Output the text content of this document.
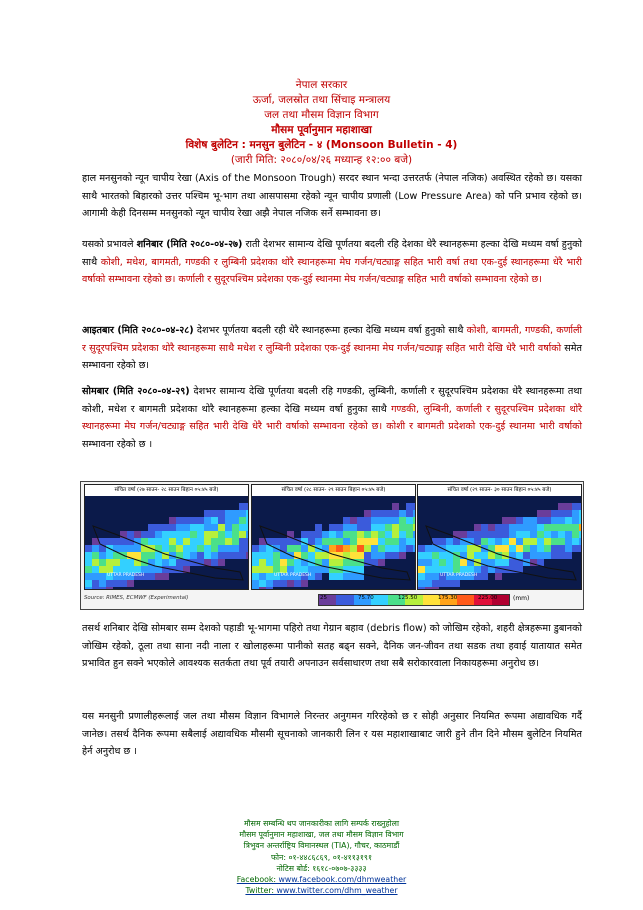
नेपाल सरकार
ऊर्जा, जलस्रोत तथा सिंचाइ मन्त्रालय
जल तथा मौसम विज्ञान विभाग
मौसम पूर्वानुमान महाशाखा
विशेष बुलेटिन : मनसुन बुलेटिन - ४ (Monsoon Bulletin - 4)
(जारी मिति: २०८०/०४/२६ मध्यान्ह १२:०० बजे)
हाल मनसुनको न्यून चापीय रेखा (Axis of the Monsoon Trough) सरदर स्थान भन्दा उत्तरतर्फ (नेपाल नजिक) अवस्थित रहेको छ। यसका साथै भारतको बिहारको उत्तर पश्चिम भू-भाग तथा आसपासमा रहेको न्यून चापीय प्रणाली (Low Pressure Area) को पनि प्रभाव रहेको छ। आगामी केही दिनसम्म मनसुनको न्यून चापीय रेखा अझै नेपाल नजिक सर्ने सम्भावना छ।
यसको प्रभावले शनिबार (मिति २०८०-०४-२७) राती देशभर सामान्य देखि पूर्णतया बदली रहि देशका धेरै स्थानहरूमा हल्का देखि मध्यम वर्षा हुनुको साथै कोशी, मधेश, बागमती, गण्डकी र लुम्बिनी प्रदेशका थोरै स्थानहरूमा मेघ गर्जन/चट्याङ्ग सहित भारी वर्षा तथा एक-दुई स्थानहरूमा धेरै भारी वर्षाको सम्भावना रहेको छ। कर्णाली र सुदूरपश्चिम प्रदेशका एक-दुई स्थानमा मेघ गर्जन/चट्याङ्ग सहित भारी वर्षाको सम्भावना रहेको छ।
आइतबार (मिति २०८०-०४-२८) देशभर पूर्णतया बदली रही धेरै स्थानहरूमा हल्का देखि मध्यम वर्षा हुनुको साथै कोशी, बागमती, गण्डकी, कर्णाली र सुदूरपश्चिम प्रदेशका थोरै स्थानहरूमा साथै मधेश र लुम्बिनी प्रदेशका एक-दुई स्थानमा मेघ गर्जन/चट्याङ्ग सहित भारी देखि धेरै भारी वर्षाको समेत सम्भावना रहेको छ।
सोमबार (मिति २०८०-०४-२९) देशभर सामान्य देखि पूर्णतया बदली रहि गण्डकी, लुम्बिनी, कर्णाली र सुदूरपश्चिम प्रदेशका धेरै स्थानहरूमा तथा कोशी, मधेश र बागमती प्रदेशका थोरै स्थानहरूमा हल्का देखि मध्यम वर्षा हुनुका साथै गण्डकी, लुम्बिनी, कर्णाली र सुदूरपश्चिम प्रदेशका थोरै स्थानहरूमा मेघ गर्जन/चट्याङ्ग सहित भारी देखि धेरै भारी वर्षाको सम्भावना रहेको छ। कोशी र बागमती प्रदेशको एक-दुई स्थानमा भारी वर्षाको सम्भावना रहेको छ ।
संचित वर्षा (२७ साउन- २८ साउन बिहान ०५:४५ बजे)
UTTAR PRADESH
संचित वर्षा (२८ साउन- २९ साउन बिहान ०५:४५ बजे)
UTTAR PRADESH
संचित वर्षा (२९ साउन- ३० साउन बिहान ०५:४५ बजे)
UTTAR PRADESH
Source: RIMES, ECMWF (Experimental)	25	75.70	125.50	175.30	225.00	(mm)
तसर्थ शनिबार देखि सोमबार सम्म देशको पहाडी भू-भागमा पहिरो तथा गेग्रान बहाव (debris flow) को जोखिम रहेको, शहरी क्षेत्रहरूमा डुबानको जोखिम रहेको, ठूला तथा साना नदी नाला र खोलाहरूमा पानीको सतह बढ्न सक्ने, दैनिक जन-जीवन तथा सडक तथा हवाई यातायात समेत प्रभावित हुन सक्ने भएकोले आवश्यक सतर्कता तथा पूर्व तयारी अपनाउन सर्वसाधारण तथा सबै सरोकारवाला निकायहरूमा अनुरोध छ।
यस मनसुनी प्रणालीहरूलाई जल तथा मौसम विज्ञान विभागले निरन्तर अनुगमन गरिरहेको छ र सोही अनुसार नियमित रूपमा अद्यावधिक गर्दै जानेछ। तसर्थ दैनिक रूपमा सबैलाई अद्यावधिक मौसमी सूचनाको जानकारी लिन र यस महाशाखाबाट जारी हुने तीन दिने मौसम बुलेटिन नियमित हेर्न अनुरोध छ ।
मौसम सम्बन्धि थप जानकारीका लागि सम्पर्क राख्नुहोला
मौसम पूर्वानुमान महाशाखा, जल तथा मौसम विज्ञान विभाग
त्रिभुवन अन्तर्राष्ट्रिय विमानस्थल (TIA), गौचर, काठमाडौं
फोन: ०१-४४८६८६९, ०१-४११३१९१
नोटिस बोर्ड: १६१८-०७०७-३३३३
Facebook: www.facebook.com/dhmweather
Twitter: www.twitter.com/dhm_weather
